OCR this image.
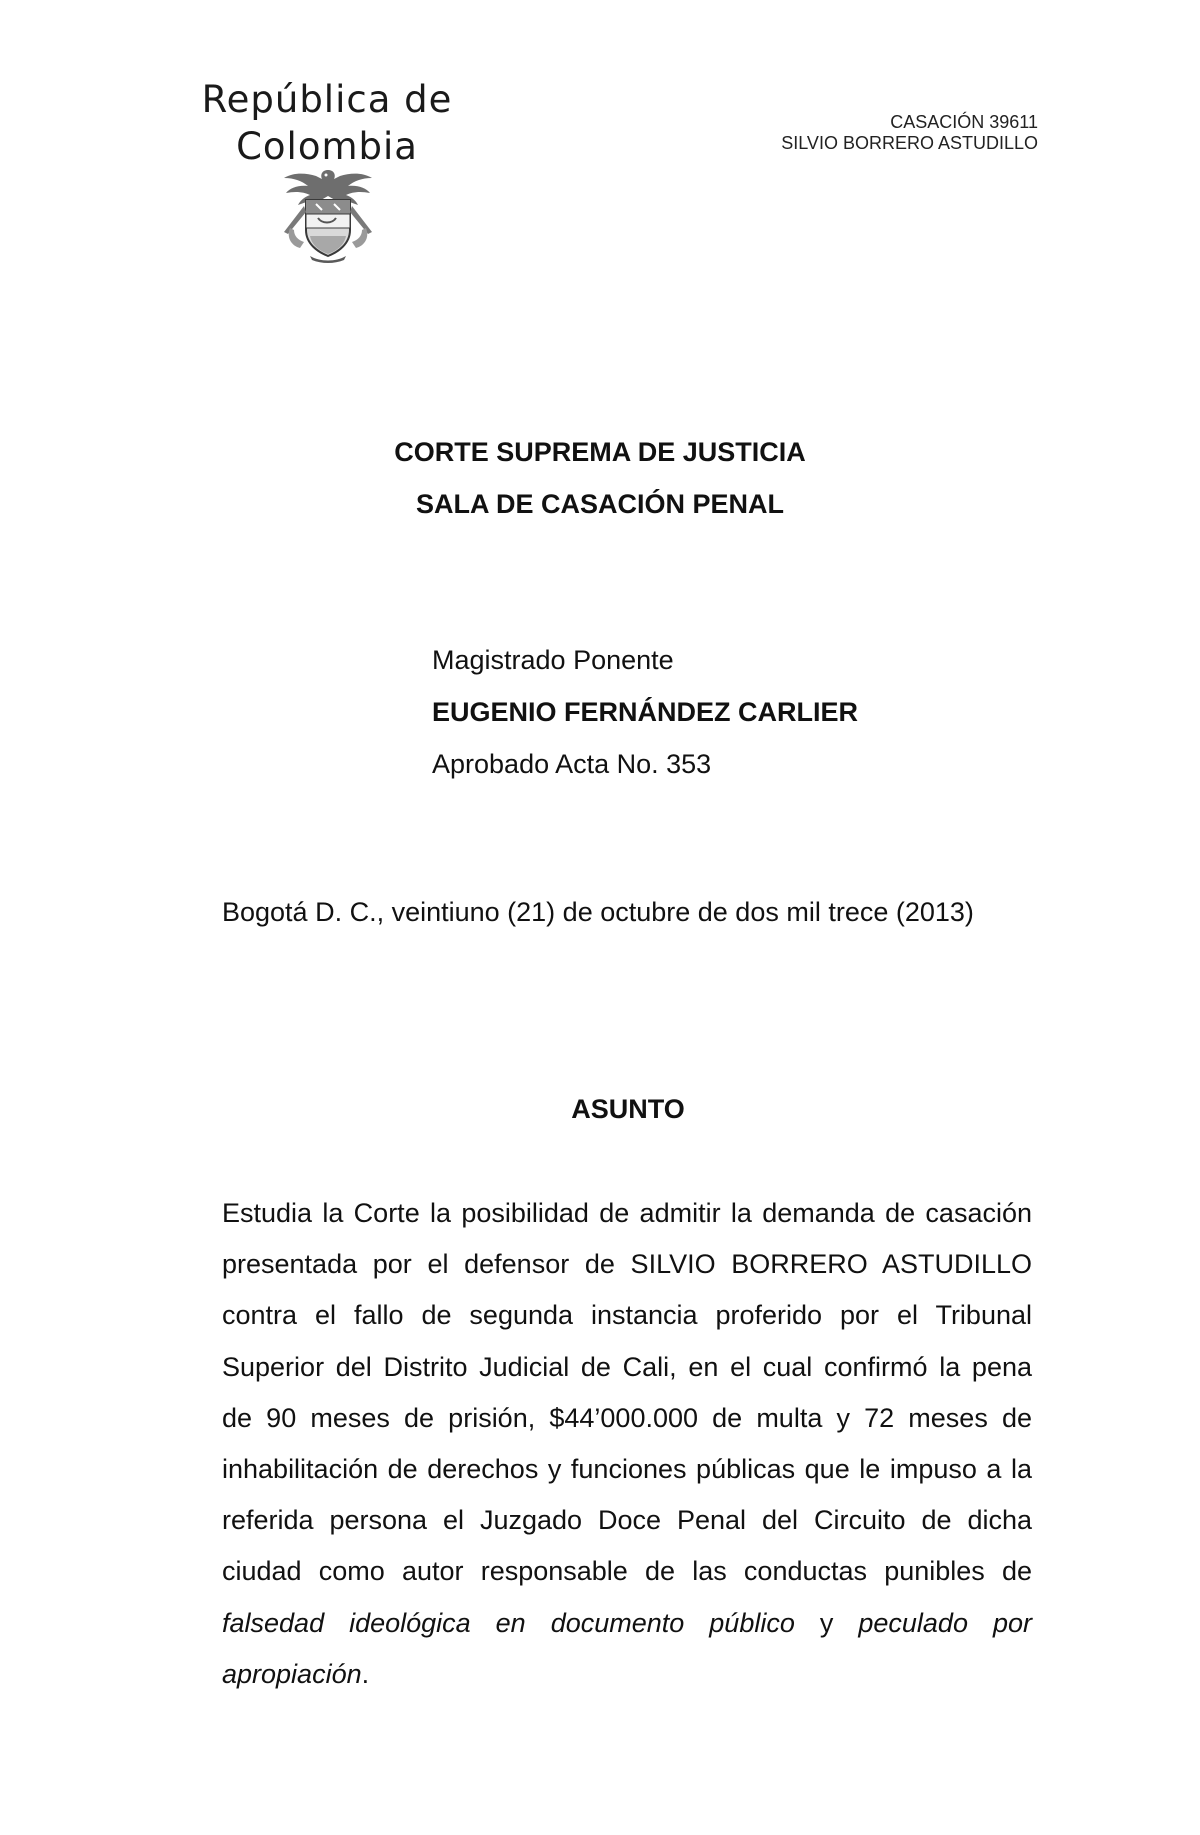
República de
Colombia
CASACIÓN 39611
SILVIO BORRERO ASTUDILLO
CORTE SUPREMA DE JUSTICIA
SALA DE CASACIÓN PENAL
Magistrado Ponente
EUGENIO FERNÁNDEZ CARLIER
Aprobado Acta No. 353
Bogotá D. C., veintiuno (21) de octubre de dos mil trece (2013)
ASUNTO

Estudia la Corte la posibilidad de admitir la demanda de casación presentada por el defensor de SILVIO BORRERO ASTUDILLO contra el fallo de segunda instancia proferido por el Tribunal Superior del Distrito Judicial de Cali, en el cual confirmó la pena de 90 meses de prisión, $44’000.000 de multa y 72 meses de inhabilitación de derechos y funciones públicas que le impuso a la referida persona el Juzgado Doce Penal del Circuito de dicha ciudad como autor responsable de las conductas punibles de falsedad ideológica en documento público y peculado por apropiación.
